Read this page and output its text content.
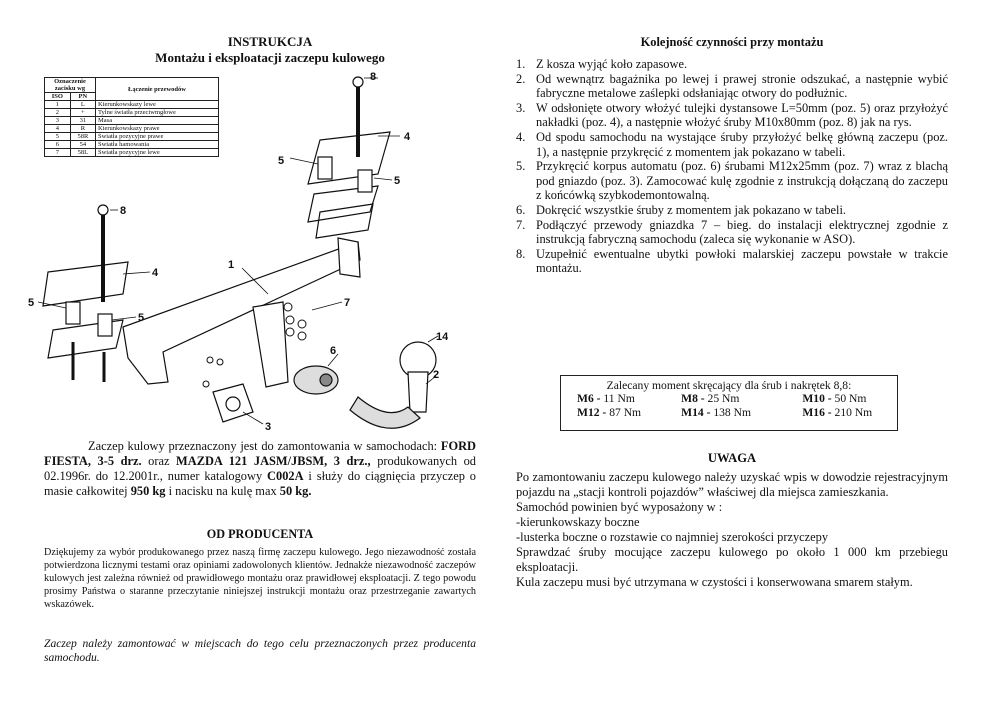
INSTRUKCJA
Montażu i eksploatacji zaczepu kulowego
8
4
5
5
8
4
1
5
5
7
14
6
2
3
Oznaczenie zacisku wg		Łączenie przewodów
ISO	PN	
1	L	Kierunkowskazy lewe
2	+	Tylne światła przeciwmgłowe
3	31	Masa
4	R	Kierunkowskazy prawe
5	58R	Światła pozycyjne prawe
6	54	Światła hamowania
7	58L	Światła pozycyjne lewe
Zaczep kulowy przeznaczony jest do zamontowania w samochodach: FORD FIESTA, 3-5 drz. oraz MAZDA 121 JASM/JBSM, 3 drz., produkowanych od 02.1996r. do 12.2001r., numer katalogowy C002A i służy do ciągnięcia przyczep o masie całkowitej 950 kg i nacisku na kulę max 50 kg.
OD PRODUCENTA
Dziękujemy za wybór produkowanego przez naszą firmę zaczepu kulowego. Jego niezawodność została potwierdzona licznymi testami oraz opiniami zadowolonych klientów. Jednakże niezawodność zaczepów kulowych jest zależna również od prawidłowego montażu oraz prawidłowej eksploatacji. Z tego powodu prosimy Państwa o staranne przeczytanie niniejszej instrukcji montażu oraz przestrzeganie zawartych wskazówek.
Zaczep należy zamontować w miejscach do tego celu przeznaczonych przez producenta samochodu.
Kolejność czynności przy montażu
1. Z kosza wyjąć koło zapasowe.
2. Od wewnątrz bagażnika po lewej i prawej stronie odszukać, a następnie wybić fabryczne metalowe zaślepki odsłaniając otwory do podłużnic.
3. W odsłonięte otwory włożyć tulejki dystansowe L=50mm (poz. 5) oraz przyłożyć nakładki (poz. 4), a następnie włożyć śruby M10x80mm (poz. 8) jak na rys.
4. Od spodu samochodu na wystające śruby przyłożyć belkę główną zaczepu (poz. 1), a następnie przykręcić z momentem jak pokazano w tabeli.
5. Przykręcić korpus automatu (poz. 6) śrubami M12x25mm (poz. 7) wraz z blachą pod gniazdo (poz. 3). Zamocować kulę zgodnie z instrukcją dołączaną do zaczepu z końcówką szybkodemontowalną.
6. Dokręcić wszystkie śruby z momentem jak pokazano w tabeli.
7. Podłączyć przewody gniazdka 7 – bieg. do instalacji elektrycznej zgodnie z instrukcją fabryczną samochodu (zaleca się wykonanie w ASO).
8. Uzupełnić ewentualne ubytki powłoki malarskiej zaczepu powstałe w trakcie montażu.
Zalecany moment skręcający dla śrub i nakrętek 8,8:
M6 - 11 Nm	M8 - 25 Nm	M10 - 50 Nm
M12 - 87 Nm	M14 - 138 Nm	M16 - 210 Nm
UWAGA

Po zamontowaniu zaczepu kulowego należy uzyskać wpis w dowodzie rejestracyjnym pojazdu na „stacji kontroli pojazdów” właściwej dla miejsca zamieszkania.

Samochód powinien być wyposażony w :

-kierunkowskazy boczne

-lusterka boczne o rozstawie co najmniej szerokości przyczepy

Sprawdzać śruby mocujące zaczepu kulowego po około 1 000 km przebiegu eksploatacji.

Kula zaczepu musi być utrzymana w czystości i konserwowana smarem stałym.
